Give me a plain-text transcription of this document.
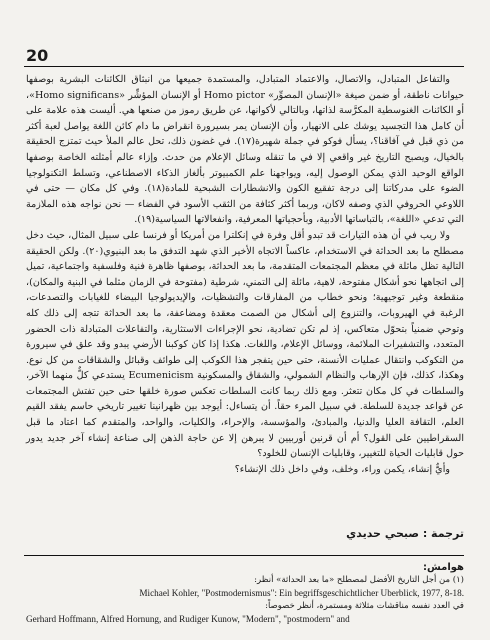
20

والتفاعل المتبادل، والاتصال، والاعتماد المتبادل، والمستمدة جميعها من انبثاق الكائنات البشرية بوصفها حيوانات ناطقة، أو ضمن صيغة «الإنسان المصوِّر» Homo pictor أو الإنسان المؤشِّر «Homo significans»، أو الكائنات الغنوسطية المكرَّسة لذاتها، وبالتالي لأكوانها، عن طريق رموز من صنعها هي. أليست هذه علامة على أن كامل هذا التجسيد يوشك على الانهيار، وأن الإنسان يمر بسيرورة انقراض ما دام كائن اللغة يواصل لعبة أكثر من ذي قبل في آفاقنا؟، يسأل فوكو في جملة شهيرة(١٧). في غضون ذلك، تحل عالم الملأ حيث تمتزج الحقيقة بالخيال، ويصبح التاريخ غير واقعي إلا في ما تنقله وسائل الإعلام من حدث. وإزاء عالم أمثلته الخاصة بوصفها الواقع الوحيد الذي يمكن الوصول إليه، ويواجهنا علم الكمبيوتر بألغاز الذكاء الاصطناعي، وتسلط التكنولوجيا الضوء على مدركاتنا إلى درجة تفقيع الكون والانشطارات الشبحية للمادة(١٨). وفي كل مكان — حتى في اللاوعي الحروفي الذي وصفه لاكان، وربما أكثر كثافة من الثقب الأسود في الفضاء — نحن نواجه هذه الملازمة التي تدعي «اللغة»، بالتباساتها الأدبية، وبأحجياتها المعرفية، وانفعالاتها السياسية(١٩).

ولا ريب في أن هذه التيارات قد تبدو أقل وفرة في إنكلترا من أمريكا أو فرنسا على سبيل المثال، حيث دخل مصطلح ما بعد الحداثة في الاستخدام، عاكساً الاتجاه الأخير الذي شهد التدفق ما بعد البنيوي(٢٠). ولكن الحقيقة التالية تظل ماثلة في معظم المجتمعات المتقدمة، ما بعد الحداثة، بوصفها ظاهرة فنية وفلسفية واجتماعية، تميل إلى اتجاهها نحو أشكال مفتوحة، لاهية، مائلة إلى التمني، شرطية (مفتوحة في الزمان مثلما في البنية والمكان)، منقطعة وغير توجيهية؛ ونحو خطاب من المفارقات والتشظيات، والإيديولوجيا البيضاء للغيابات والتصدعات، الرغبة في الهيروبات، والتنزوع إلى أشكال من الصمت معقدة ومضاعفة، ما بعد الحداثة تتجه إلى ذلك كله وتوحي ضمنياً بتحوّل متعاكس، إذ لم تكن تضادية، نحو الإجراءات الاستثارية، والتفاعلات المتبادلة ذات الحضور المتعدد، والتشفيرات الملائمة، ووسائل الإعلام، واللغات. هكذا إذا كان كوكبنا الأرضي يبدو وقد علق في سيرورة من التكوكب وانتقال عمليات الأنسنة، حتى حين يتفجر هذا الكوكب إلى طوائف وقبائل والشقاقات من كل نوع. وهكذا، كذلك، فإن الإرهاب والنظام الشمولي، والشقاق والمسكونية Ecumenicism يستدعي كلٌّ منهما الآخر، والسلطات في كل مكان تتعثر. ومع ذلك ربما كانت السلطات تعكس صورة خلقها حتى حين تفتش المجتمعات عن قواعد جديدة للسلطة. في سبيل المرء حقاً. أن يتساءل: أيوجد بين ظهرانينا تغيير تاريخي حاسم يفقد القيم العلم، التقافة العليا والدنيا، والمبادئ، والمؤسسة، والإحراء، والكليات، والواحد، والمتقدم كما اعتاد ما قبل السقراطيين على القول؟ أم أن قرنين أوربيين لا يبرهن إلا عن حاجة الذهن إلى صناعة إنشاء آخر جديد يدور حول قابليات الحياة للتغيير، وقابليات الإنسان للخلود؟

وأيٌّ إنشاء، يكمن وراء، وخلف، وفي داخل ذلك الإنشاء؟

ترجمة : صبحي حديدي
هوامش:
(١) من أجل التاريخ الأفضل لمصطلح «ما بعد الحداثة» أنظر:
Michael Kohler, "Postmodernismus": Ein begriffsgeschichtlicher Uberblick, 1977, 8-18.
في العدد نفسه مناقشات مثلاثة ومستمرة، أنظر خصوصاً:
Gerhard Hoffmann, Alfred Hornung, and Rudiger Kunow, "Modern", "postmodern" and
